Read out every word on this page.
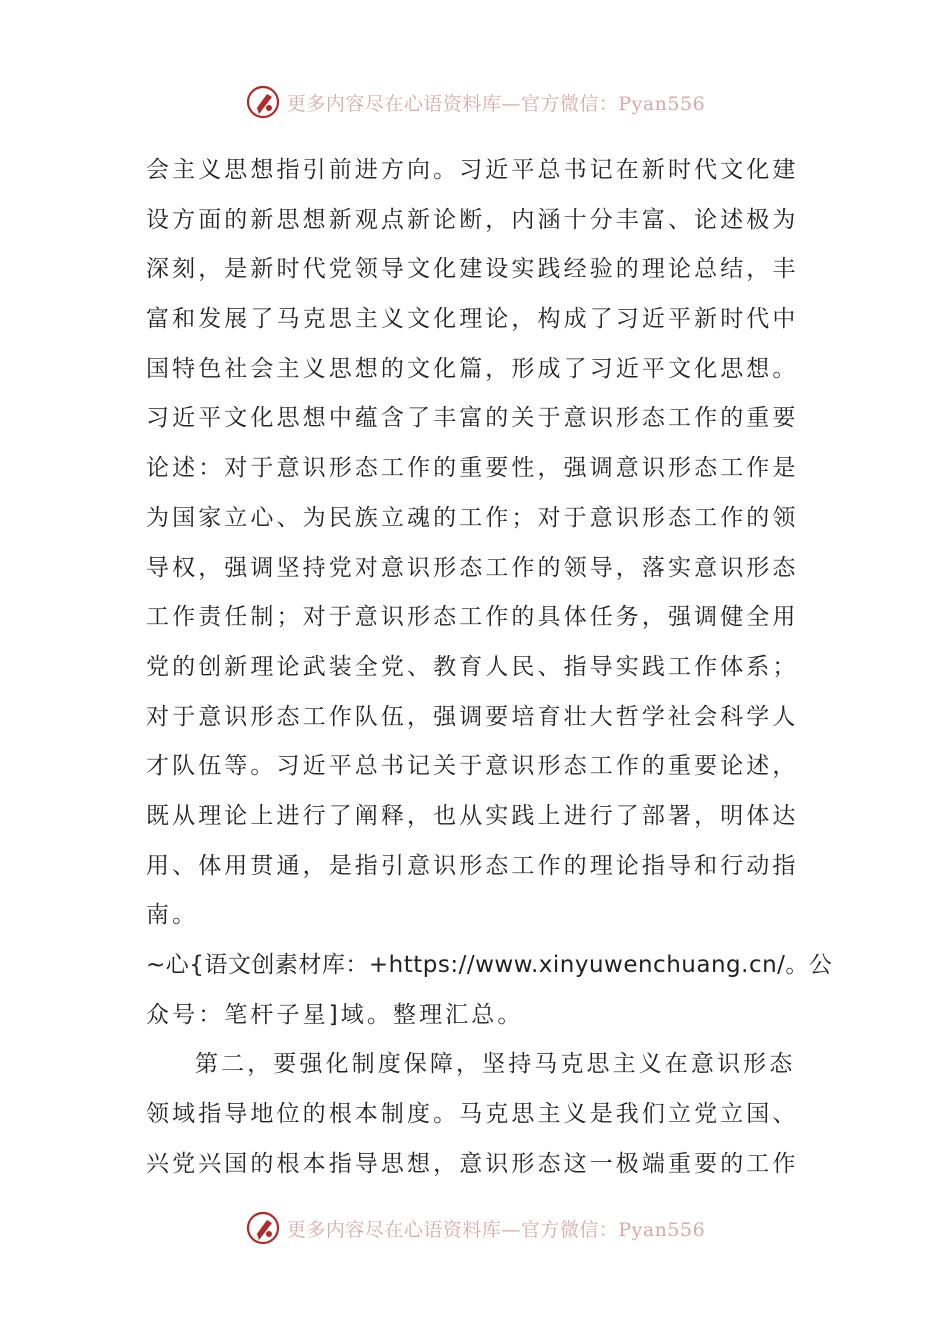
更多内容尽在心语资料库—官方微信：Pyan556
会主义思想指引前进方向。习近平总书记在新时代文化建
设方面的新思想新观点新论断，内涵十分丰富、论述极为
深刻，是新时代党领导文化建设实践经验的理论总结，丰
富和发展了马克思主义文化理论，构成了习近平新时代中
国特色社会主义思想的文化篇，形成了习近平文化思想。
习近平文化思想中蕴含了丰富的关于意识形态工作的重要
论述：对于意识形态工作的重要性，强调意识形态工作是
为国家立心、为民族立魂的工作；对于意识形态工作的领
导权，强调坚持党对意识形态工作的领导，落实意识形态
工作责任制；对于意识形态工作的具体任务，强调健全用
党的创新理论武装全党、教育人民、指导实践工作体系；
对于意识形态工作队伍，强调要培育壮大哲学社会科学人
才队伍等。习近平总书记关于意识形态工作的重要论述，
既从理论上进行了阐释，也从实践上进行了部署，明体达
用、体用贯通，是指引意识形态工作的理论指导和行动指
南。
~心{语文创素材库：+https://www.xinyuwenchuang.cn/。公
众号：笔杆子星]域。整理汇总。
第二，要强化制度保障，坚持马克思主义在意识形态
领域指导地位的根本制度。马克思主义是我们立党立国、
兴党兴国的根本指导思想，意识形态这一极端重要的工作
更多内容尽在心语资料库—官方微信：Pyan556
